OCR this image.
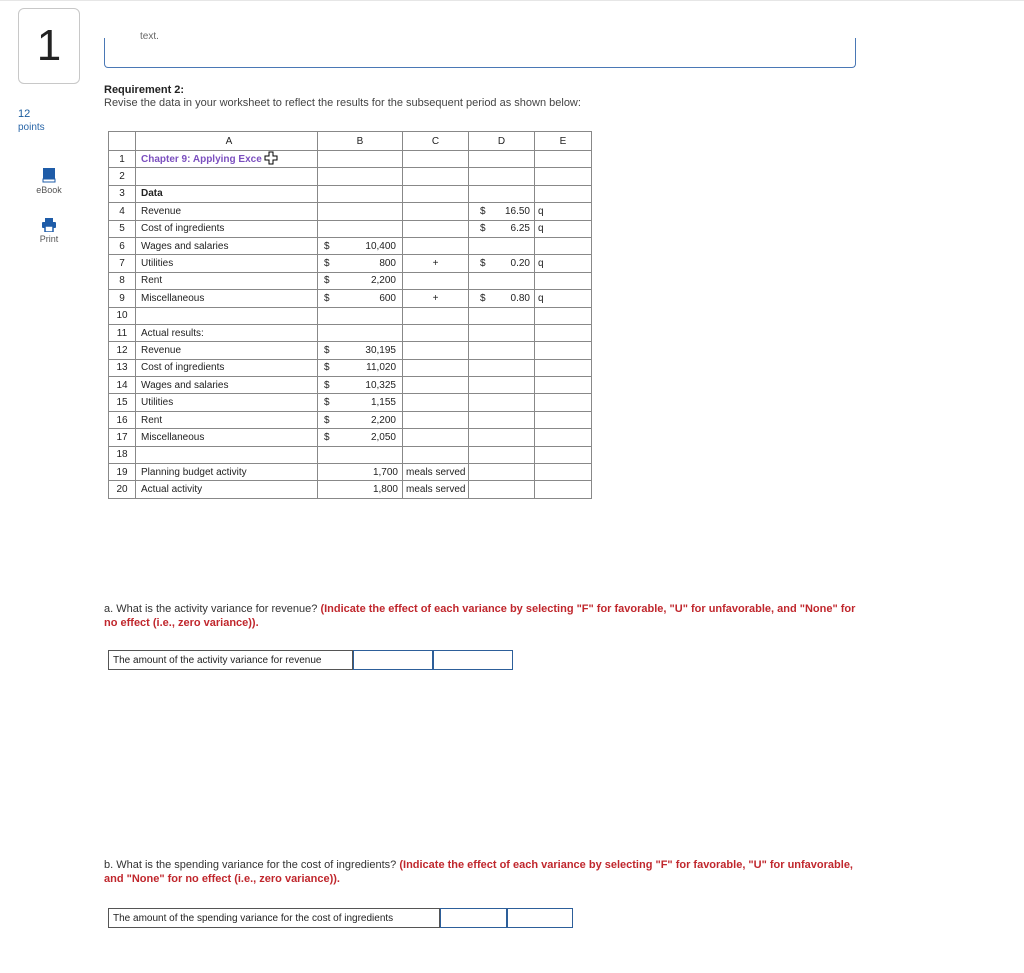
1
12
points
eBook
Print
text.
Requirement 2:
Revise the data in your worksheet to reflect the results for the subsequent period as shown below:
	A	B	C	D	E
1	Chapter 9: Applying Exce

2					
3	Data				
4	Revenue			$ 16.50	q
5	Cost of ingredients			$ 6.25	q
6	Wages and salaries	$ 10,400			

7	Utilities	$ 800	+	$ 0.20	q
8	Rent	$ 2,200			

9	Miscellaneous	$ 600	+	$ 0.80	q
10					
11	Actual results:				
12	Revenue	$ 30,195			

13	Cost of ingredients	$ 11,020			

14	Wages and salaries	$ 10,325			

15	Utilities	$ 1,155			

16	Rent	$ 2,200			

17	Miscellaneous	$ 2,050			

18					
19	Planning budget activity	1,700	meals served		
20	Actual activity	1,800	meals served		
a. What is the activity variance for revenue? (Indicate the effect of each variance by selecting "F" for favorable, "U" for unfavorable, and "None" for no effect (i.e., zero variance)).
The amount of the activity variance for revenue
b. What is the spending variance for the cost of ingredients? (Indicate the effect of each variance by selecting "F" for favorable, "U" for unfavorable, and "None" for no effect (i.e., zero variance)).
The amount of the spending variance for the cost of ingredients
